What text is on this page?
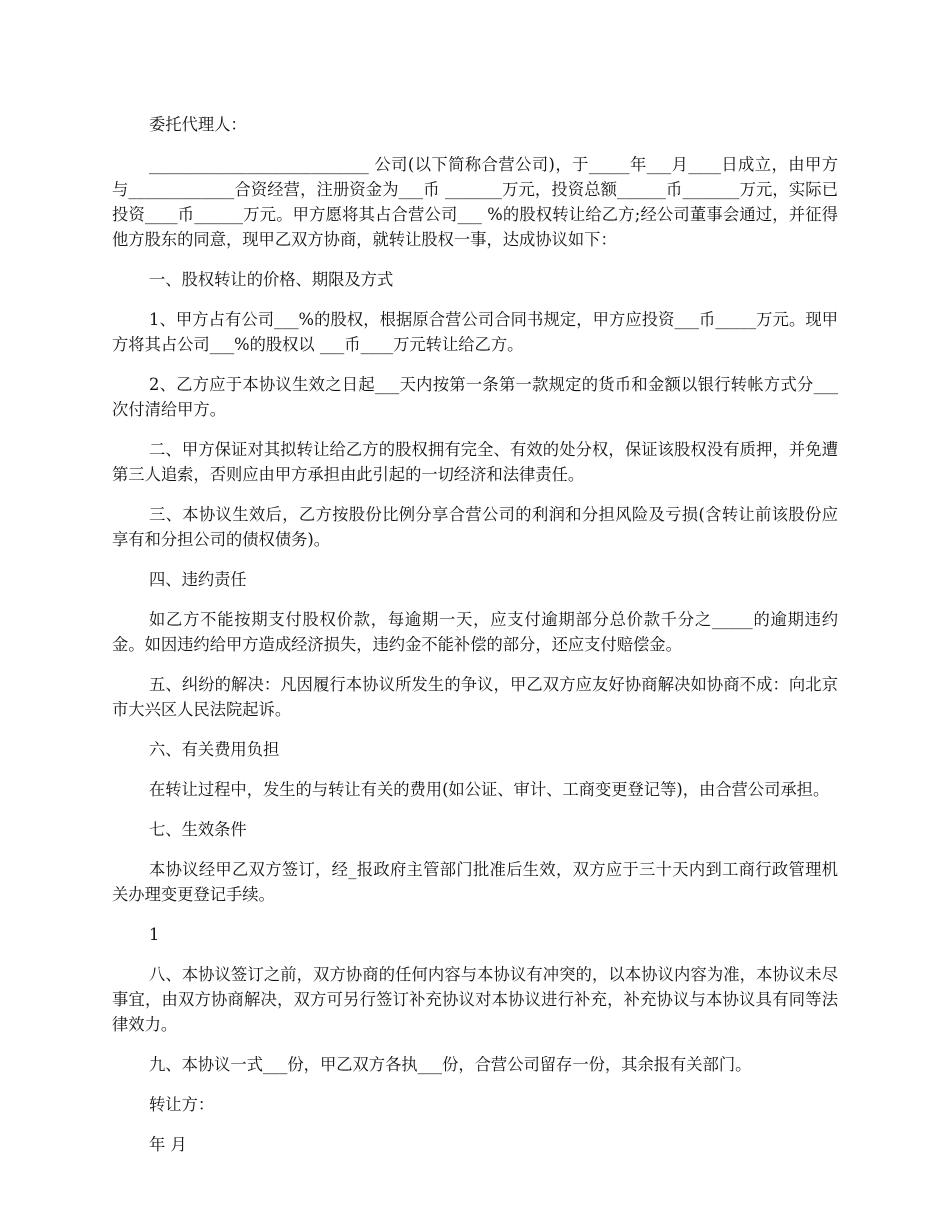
委托代理人：

___________________________ 公司(以下简称合营公司)，于_____年___月____日成立，由甲方与_____________合资经营，注册资金为___币 _______万元，投资总额______币_______万元，实际已投资____币______万元。甲方愿将其占合营公司___ %的股权转让给乙方;经公司董事会通过，并征得他方股东的同意，现甲乙双方协商，就转让股权一事，达成协议如下：

一、股权转让的价格、期限及方式

1、甲方占有公司___%的股权，根据原合营公司合同书规定，甲方应投资___币_____万元。现甲方将其占公司___%的股权以 ___币____万元转让给乙方。

2、乙方应于本协议生效之日起___天内按第一条第一款规定的货币和金额以银行转帐方式分___次付清给甲方。

二、甲方保证对其拟转让给乙方的股权拥有完全、有效的处分权，保证该股权没有质押，并免遭第三人追索，否则应由甲方承担由此引起的一切经济和法律责任。

三、本协议生效后，乙方按股份比例分享合营公司的利润和分担风险及亏损(含转让前该股份应享有和分担公司的债权债务)。

四、违约责任

如乙方不能按期支付股权价款，每逾期一天，应支付逾期部分总价款千分之_____的逾期违约金。如因违约给甲方造成经济损失，违约金不能补偿的部分，还应支付赔偿金。

五、纠纷的解决：凡因履行本协议所发生的争议，甲乙双方应友好协商解决如协商不成：向北京市大兴区人民法院起诉。

六、有关费用负担

在转让过程中，发生的与转让有关的费用(如公证、审计、工商变更登记等)，由合营公司承担。

七、生效条件

本协议经甲乙双方签订，经_报政府主管部门批准后生效，双方应于三十天内到工商行政管理机关办理变更登记手续。

1

八、本协议签订之前，双方协商的任何内容与本协议有冲突的，以本协议内容为准，本协议未尽事宜，由双方协商解决，双方可另行签订补充协议对本协议进行补充，补充协议与本协议具有同等法律效力。

九、本协议一式___份，甲乙双方各执___份，合营公司留存一份，其余报有关部门。

转让方：

年 月
